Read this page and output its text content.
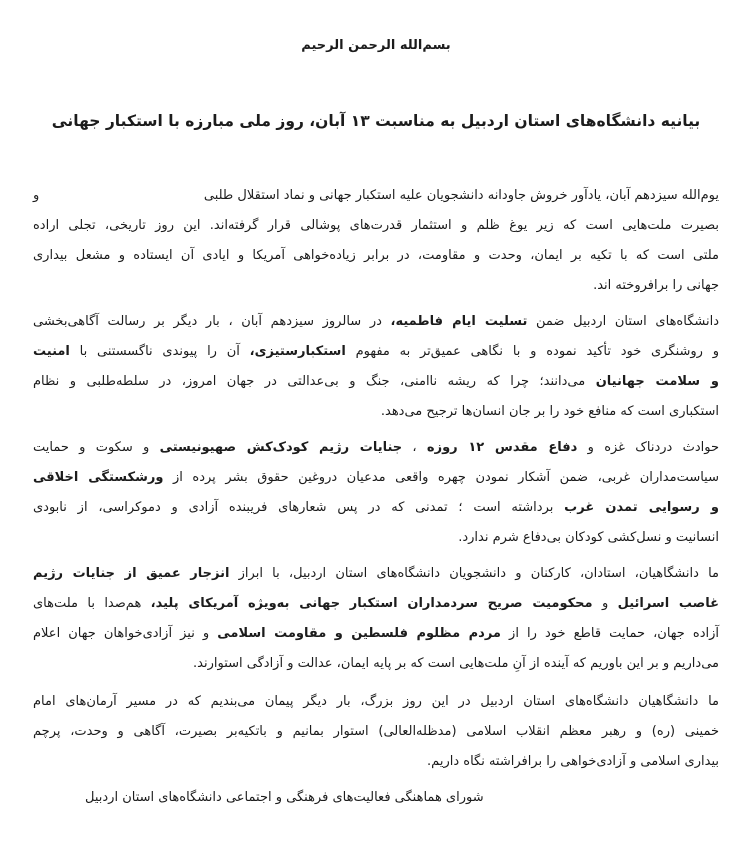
بسم‌الله الرحمن الرحیم
بیانیه دانشگاه‌های استان اردبیل به مناسبت ۱۳ آبان، روز ملی مبارزه با استکبار جهانی
یوم‌الله سیزدهم آبان، یادآور خروش جاودانه دانشجویان علیه استکبار جهانی و نماد استقلال طلبی
و
بصیرت ملت‌هایی است که زیر یوغ ظلم و استثمار قدرت‌های پوشالی قرار گرفته‌اند. این روز تاریخی، تجلی اراده
ملتی است که با تکیه بر ایمان، وحدت و مقاومت، در برابر زیاده‌خواهی آمریکا و ایادی آن ایستاده و مشعل بیداری
جهانی را برافروخته اند.
دانشگاه‌های استان اردبیل ضمن تسلیت ایام فاطمیه، در سالروز سیزدهم آبان ، بار دیگر بر رسالت آگاهی‌بخشی
و روشنگری خود تأکید نموده و با نگاهی عمیق‌تر به مفهوم استکبارستیزی، آن را پیوندی ناگسستنی با امنیت
و سلامت جهانیان می‌دانند؛ چرا که ریشه ناامنی، جنگ و بی‌عدالتی در جهان امروز، در سلطه‌طلبی و نظام
استکباری است که منافع خود را بر جان انسان‌ها ترجیح می‌دهد.
حوادث دردناک غزه و دفاع مقدس ۱۲ روزه ، جنایات رژیم کودک‌کش صهیونیستی و سکوت و حمایت
سیاست‌مداران غربی، ضمن آشکار نمودن چهره واقعی مدعیان دروغین حقوق بشر پرده از ورشکستگی اخلاقی
و رسوایی تمدن غرب برداشته است ؛ تمدنی که در پس شعارهای فریبنده آزادی و دموکراسی، از نابودی
انسانیت و نسل‌کشی کودکان بی‌دفاع شرم ندارد.
ما دانشگاهیان، استادان، کارکنان و دانشجویان دانشگاه‌های استان اردبیل، با ابراز انزجار عمیق از جنایات رژیم
غاصب اسرائیل و محکومیت صریح سردمداران استکبار جهانی به‌ویژه آمریکای پلید، هم‌صدا با ملت‌های
آزاده جهان، حمایت قاطع خود را از مردم مظلوم فلسطین و مقاومت اسلامی و نیز آزادی‌خواهان جهان اعلام
می‌داریم و بر این باوریم که آینده از آنِ ملت‌هایی است که بر پایه ایمان، عدالت و آزادگی استوارند.
ما دانشگاهیان دانشگاه‌های استان اردبیل در این روز بزرگ، بار دیگر پیمان می‌بندیم که در مسیر آرمان‌های امام
خمینی (ره) و رهبر معظم انقلاب اسلامی (مدظله‌العالی) استوار بمانیم و باتکیه‌بر بصیرت، آگاهی و وحدت، پرچم
بیداری اسلامی و آزادی‌خواهی را برافراشته نگاه داریم.
شورای هماهنگی فعالیت‌های فرهنگی و اجتماعی دانشگاه‌های استان اردبیل
